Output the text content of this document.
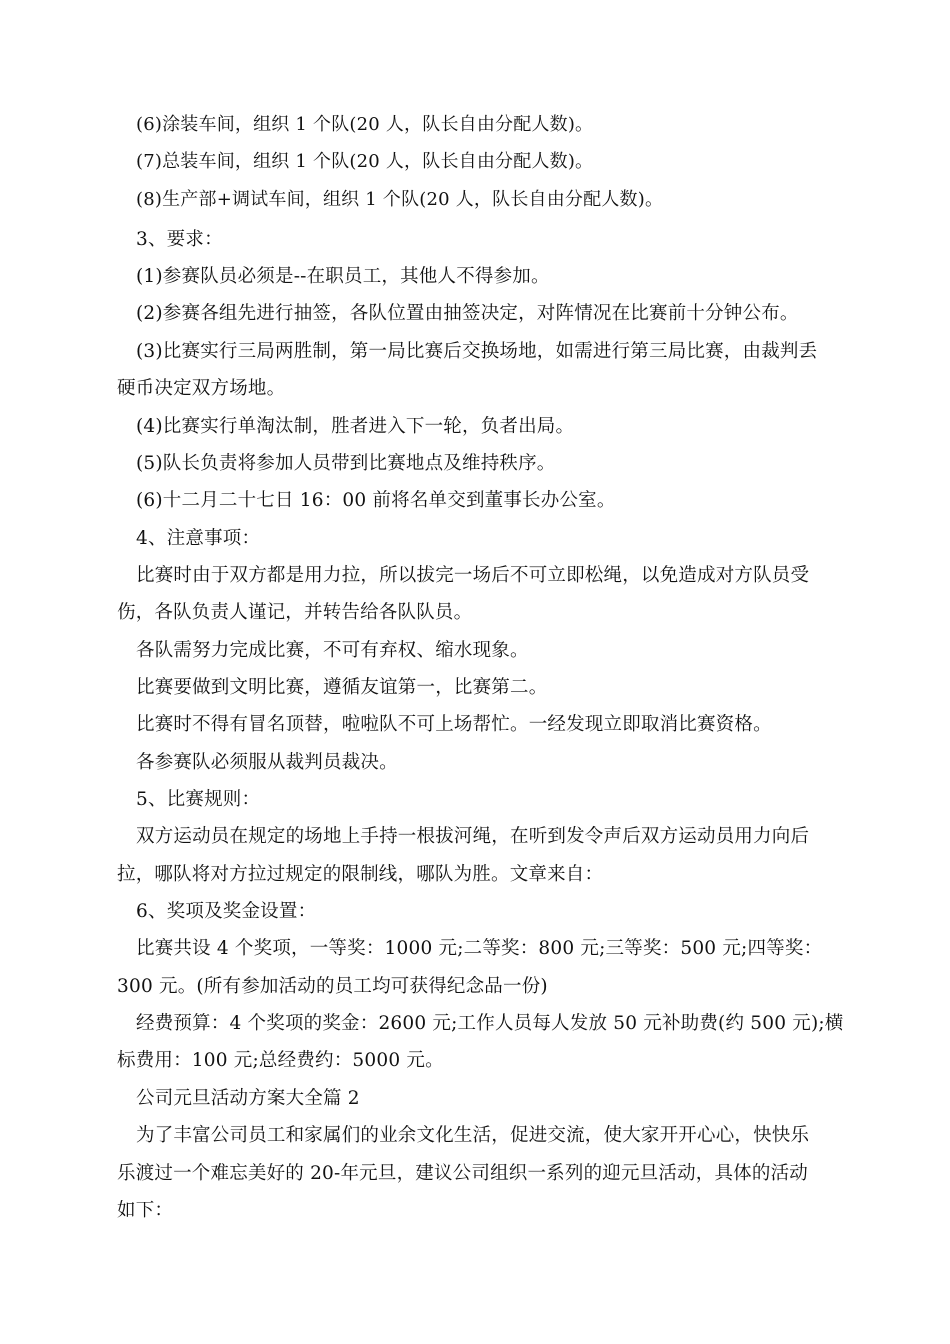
(6)涂装车间，组织 1 个队(20 人，队长自由分配人数)。
(7)总装车间，组织 1 个队(20 人，队长自由分配人数)。
(8)生产部+调试车间，组织 1 个队(20 人，队长自由分配人数)。
3、要求：
(1)参赛队员必须是--在职员工，其他人不得参加。
(2)参赛各组先进行抽签，各队位置由抽签决定，对阵情况在比赛前十分钟公布。
(3)比赛实行三局两胜制，第一局比赛后交换场地，如需进行第三局比赛，由裁判丢
硬币决定双方场地。
(4)比赛实行单淘汰制，胜者进入下一轮，负者出局。
(5)队长负责将参加人员带到比赛地点及维持秩序。
(6)十二月二十七日 16：00 前将名单交到董事长办公室。
4、注意事项：
比赛时由于双方都是用力拉，所以拔完一场后不可立即松绳，以免造成对方队员受
伤，各队负责人谨记，并转告给各队队员。
各队需努力完成比赛，不可有弃权、缩水现象。
比赛要做到文明比赛，遵循友谊第一，比赛第二。
比赛时不得有冒名顶替，啦啦队不可上场帮忙。一经发现立即取消比赛资格。
各参赛队必须服从裁判员裁决。
5、比赛规则：
双方运动员在规定的场地上手持一根拔河绳，在听到发令声后双方运动员用力向后
拉，哪队将对方拉过规定的限制线，哪队为胜。文章来自：
6、奖项及奖金设置：
比赛共设 4 个奖项，一等奖：1000 元;二等奖：800 元;三等奖：500 元;四等奖：
300 元。(所有参加活动的员工均可获得纪念品一份)
经费预算：4 个奖项的奖金：2600 元;工作人员每人发放 50 元补助费(约 500 元);横
标费用：100 元;总经费约：5000 元。
公司元旦活动方案大全篇 2
为了丰富公司员工和家属们的业余文化生活，促进交流，使大家开开心心，快快乐
乐渡过一个难忘美好的 20-年元旦，建议公司组织一系列的迎元旦活动，具体的活动
如下：
